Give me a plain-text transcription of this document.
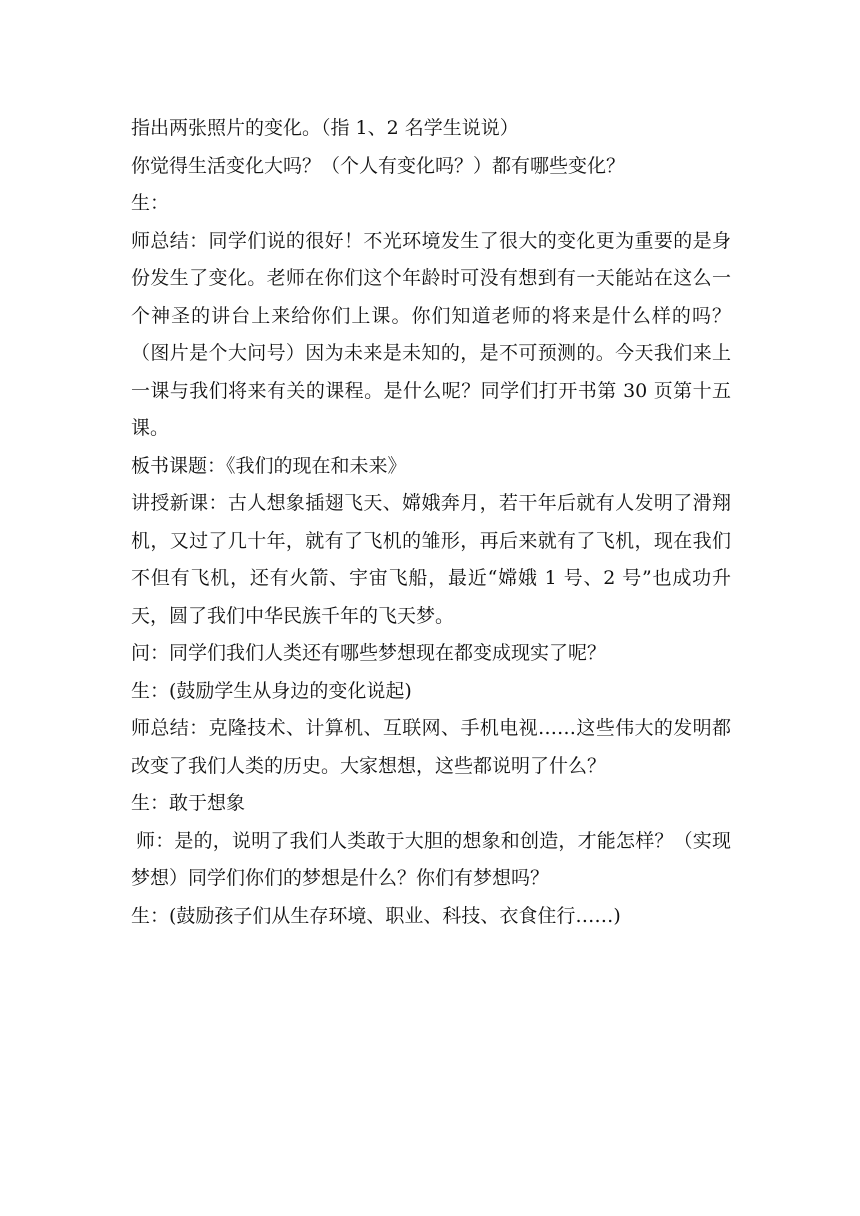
指出两张照片的变化。（指 1、2 名学生说说）

你觉得生活变化大吗？（个人有变化吗？）都有哪些变化？

生：

师总结：同学们说的很好！不光环境发生了很大的变化更为重要的是身份发生了变化。老师在你们这个年龄时可没有想到有一天能站在这么一个神圣的讲台上来给你们上课。你们知道老师的将来是什么样的吗？（图片是个大问号）因为未来是未知的，是不可预测的。今天我们来上一课与我们将来有关的课程。是什么呢？同学们打开书第 30 页第十五课。

板书课题：《我们的现在和未来》

讲授新课：古人想象插翅飞天、嫦娥奔月，若干年后就有人发明了滑翔机，又过了几十年，就有了飞机的雏形，再后来就有了飞机，现在我们不但有飞机，还有火箭、宇宙飞船，最近“嫦娥 1 号、2 号”也成功升天，圆了我们中华民族千年的飞天梦。

问：同学们我们人类还有哪些梦想现在都变成现实了呢？

生：(鼓励学生从身边的变化说起)

师总结：克隆技术、计算机、互联网、手机电视……这些伟大的发明都改变了我们人类的历史。大家想想，这些都说明了什么？

生：敢于想象

师：是的，说明了我们人类敢于大胆的想象和创造，才能怎样？（实现梦想）同学们你们的梦想是什么？你们有梦想吗？

生：(鼓励孩子们从生存环境、职业、科技、衣食住行……)
